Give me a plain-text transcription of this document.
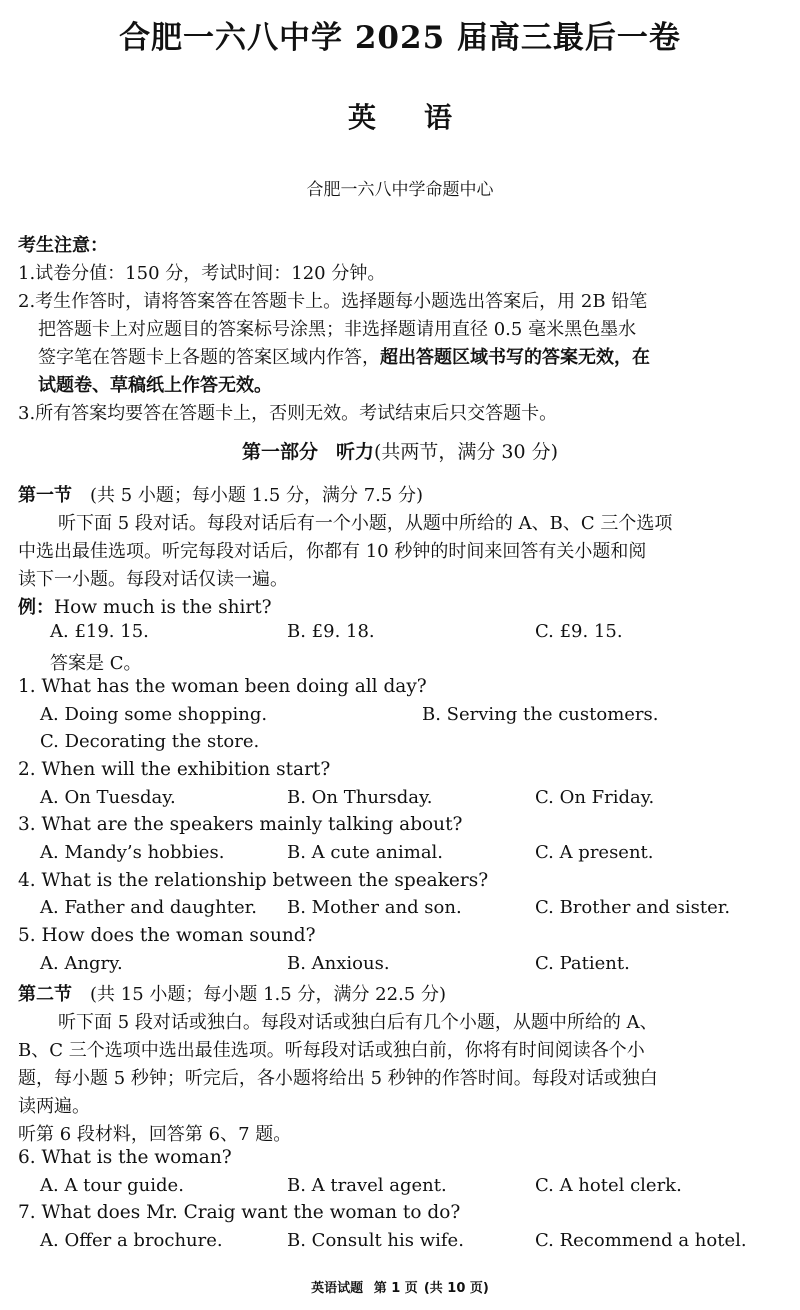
合肥一六八中学 2025 届高三最后一卷
英 语
合肥一六八中学命题中心
考生注意：
1.试卷分值：150 分，考试时间：120 分钟。
2.考生作答时，请将答案答在答题卡上。选择题每小题选出答案后，用 2B 铅笔
把答题卡上对应题目的答案标号涂黑；非选择题请用直径 0.5 毫米黑色墨水
签字笔在答题卡上各题的答案区域内作答，超出答题区域书写的答案无效，在
试题卷、草稿纸上作答无效。
3.所有答案均要答在答题卡上，否则无效。考试结束后只交答题卡。
第一部分 听力(共两节，满分 30 分)
第一节 (共 5 小题；每小题 1.5 分，满分 7.5 分)
听下面 5 段对话。每段对话后有一个小题，从题中所给的 A、B、C 三个选项
中选出最佳选项。听完每段对话后，你都有 10 秒钟的时间来回答有关小题和阅
读下一小题。每段对话仅读一遍。
例：How much is the shirt?
A. £19. 15.	B. £9. 18.	C. £9. 15.
答案是 C。
1. What has the woman been doing all day?
A. Doing some shopping.	B. Serving the customers.
C. Decorating the store.
2. When will the exhibition start?
A. On Tuesday.	B. On Thursday.	C. On Friday.
3. What are the speakers mainly talking about?
A. Mandy’s hobbies.	B. A cute animal.	C. A present.
4. What is the relationship between the speakers?
A. Father and daughter. B. Mother and son.	C. Brother and sister.
5. How does the woman sound?
A. Angry.	B. Anxious.	C. Patient.
第二节 (共 15 小题；每小题 1.5 分，满分 22.5 分)
听下面 5 段对话或独白。每段对话或独白后有几个小题，从题中所给的 A、
B、C 三个选项中选出最佳选项。听每段对话或独白前，你将有时间阅读各个小
题，每小题 5 秒钟；听完后，各小题将给出 5 秒钟的作答时间。每段对话或独白
读两遍。
听第 6 段材料，回答第 6、7 题。
6. What is the woman?
A. A tour guide.	B. A travel agent.	C. A hotel clerk.
7. What does Mr. Craig want the woman to do?
A. Offer a brochure.	B. Consult his wife.	C. Recommend a hotel.
英语试题 第 1 页 (共 10 页)
